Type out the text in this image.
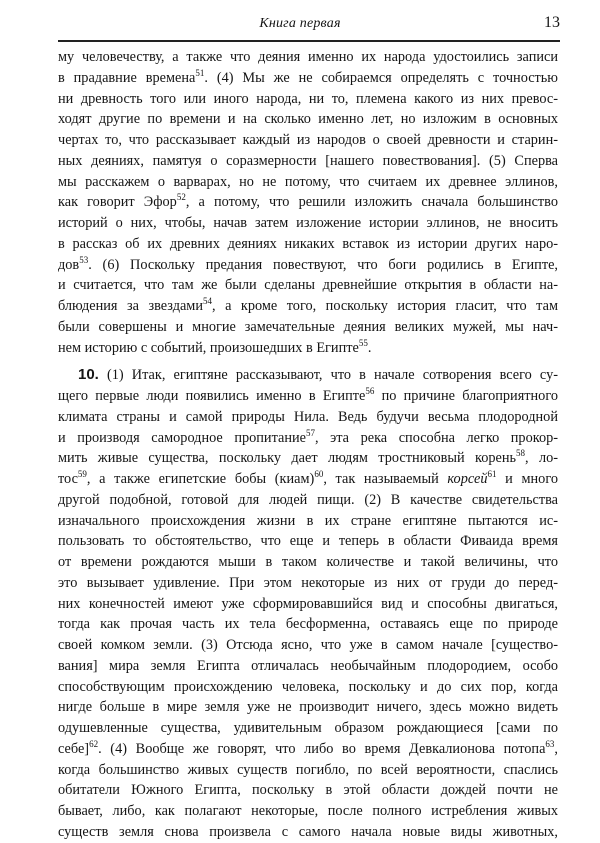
Книга первая	13
му человечеству, а также что деяния именно их народа удостоились записи
в прадавние времена$^{51}$. (4) Мы же не собираемся определять с точностью
ни древность того или иного народа, ни то, племена какого из них превос-
ходят другие по времени и на сколько именно лет, но изложим в основных
чертах то, что рассказывает каждый из народов о своей древности и старин-
ных деяниях, памятуя о соразмерности [нашего повествования]. (5) Сперва
мы расскажем о варварах, но не потому, что считаем их древнее эллинов,
как говорит Эфор$^{52}$, а потому, что решили изложить сначала большинство
историй о них, чтобы, начав затем изложение истории эллинов, не вносить
в рассказ об их древних деяниях никаких вставок из истории других наро-
дов$^{53}$. (6) Поскольку предания повествуют, что боги родились в Египте,
и считается, что там же были сделаны древнейшие открытия в области на-
блюдения за звездами$^{54}$, а кроме того, поскольку история гласит, что там
были совершены и многие замечательные деяния великих мужей, мы нач-
нем историю с событий, произошедших в Египте$^{55}$.
10. (1) Итак, египтяне рассказывают, что в начале сотворения всего су-
щего первые люди появились именно в Египте$^{56}$ по причине благоприятного
климата страны и самой природы Нила. Ведь будучи весьма плодородной
и производя самородное пропитание$^{57}$, эта река способна легко прокор-
мить живые существа, поскольку дает людям тростниковый корень$^{58}$, ло-
тос$^{59}$, а также египетские бобы (киам)$^{60}$, так называемый корсей$^{61}$ и много
другой подобной, готовой для людей пищи. (2) В качестве свидетельства
изначального происхождения жизни в их стране египтяне пытаются ис-
пользовать то обстоятельство, что еще и теперь в области Фиваида время
от времени рождаются мыши в таком количестве и такой величины, что
это вызывает удивление. При этом некоторые из них от груди до перед-
них конечностей имеют уже сформировавшийся вид и способны двигаться,
тогда как прочая часть их тела бесформенна, оставаясь еще по природе
своей комком земли. (3) Отсюда ясно, что уже в самом начале [существо-
вания] мира земля Египта отличалась необычайным плодородием, особо
способствующим происхождению человека, поскольку и до сих пор, когда
нигде больше в мире земля уже не производит ничего, здесь можно видеть
одушевленные существа, удивительным образом рождающиеся [сами по
себе]$^{62}$. (4) Вообще же говорят, что либо во время Девкалионова потопа$^{63}$,
когда большинство живых существ погибло, по всей вероятности, спаслись
обитатели Южного Египта, поскольку в этой области дождей почти не
бывает, либо, как полагают некоторые, после полного истребления живых
существ земля снова произвела с самого начала новые виды животных,
